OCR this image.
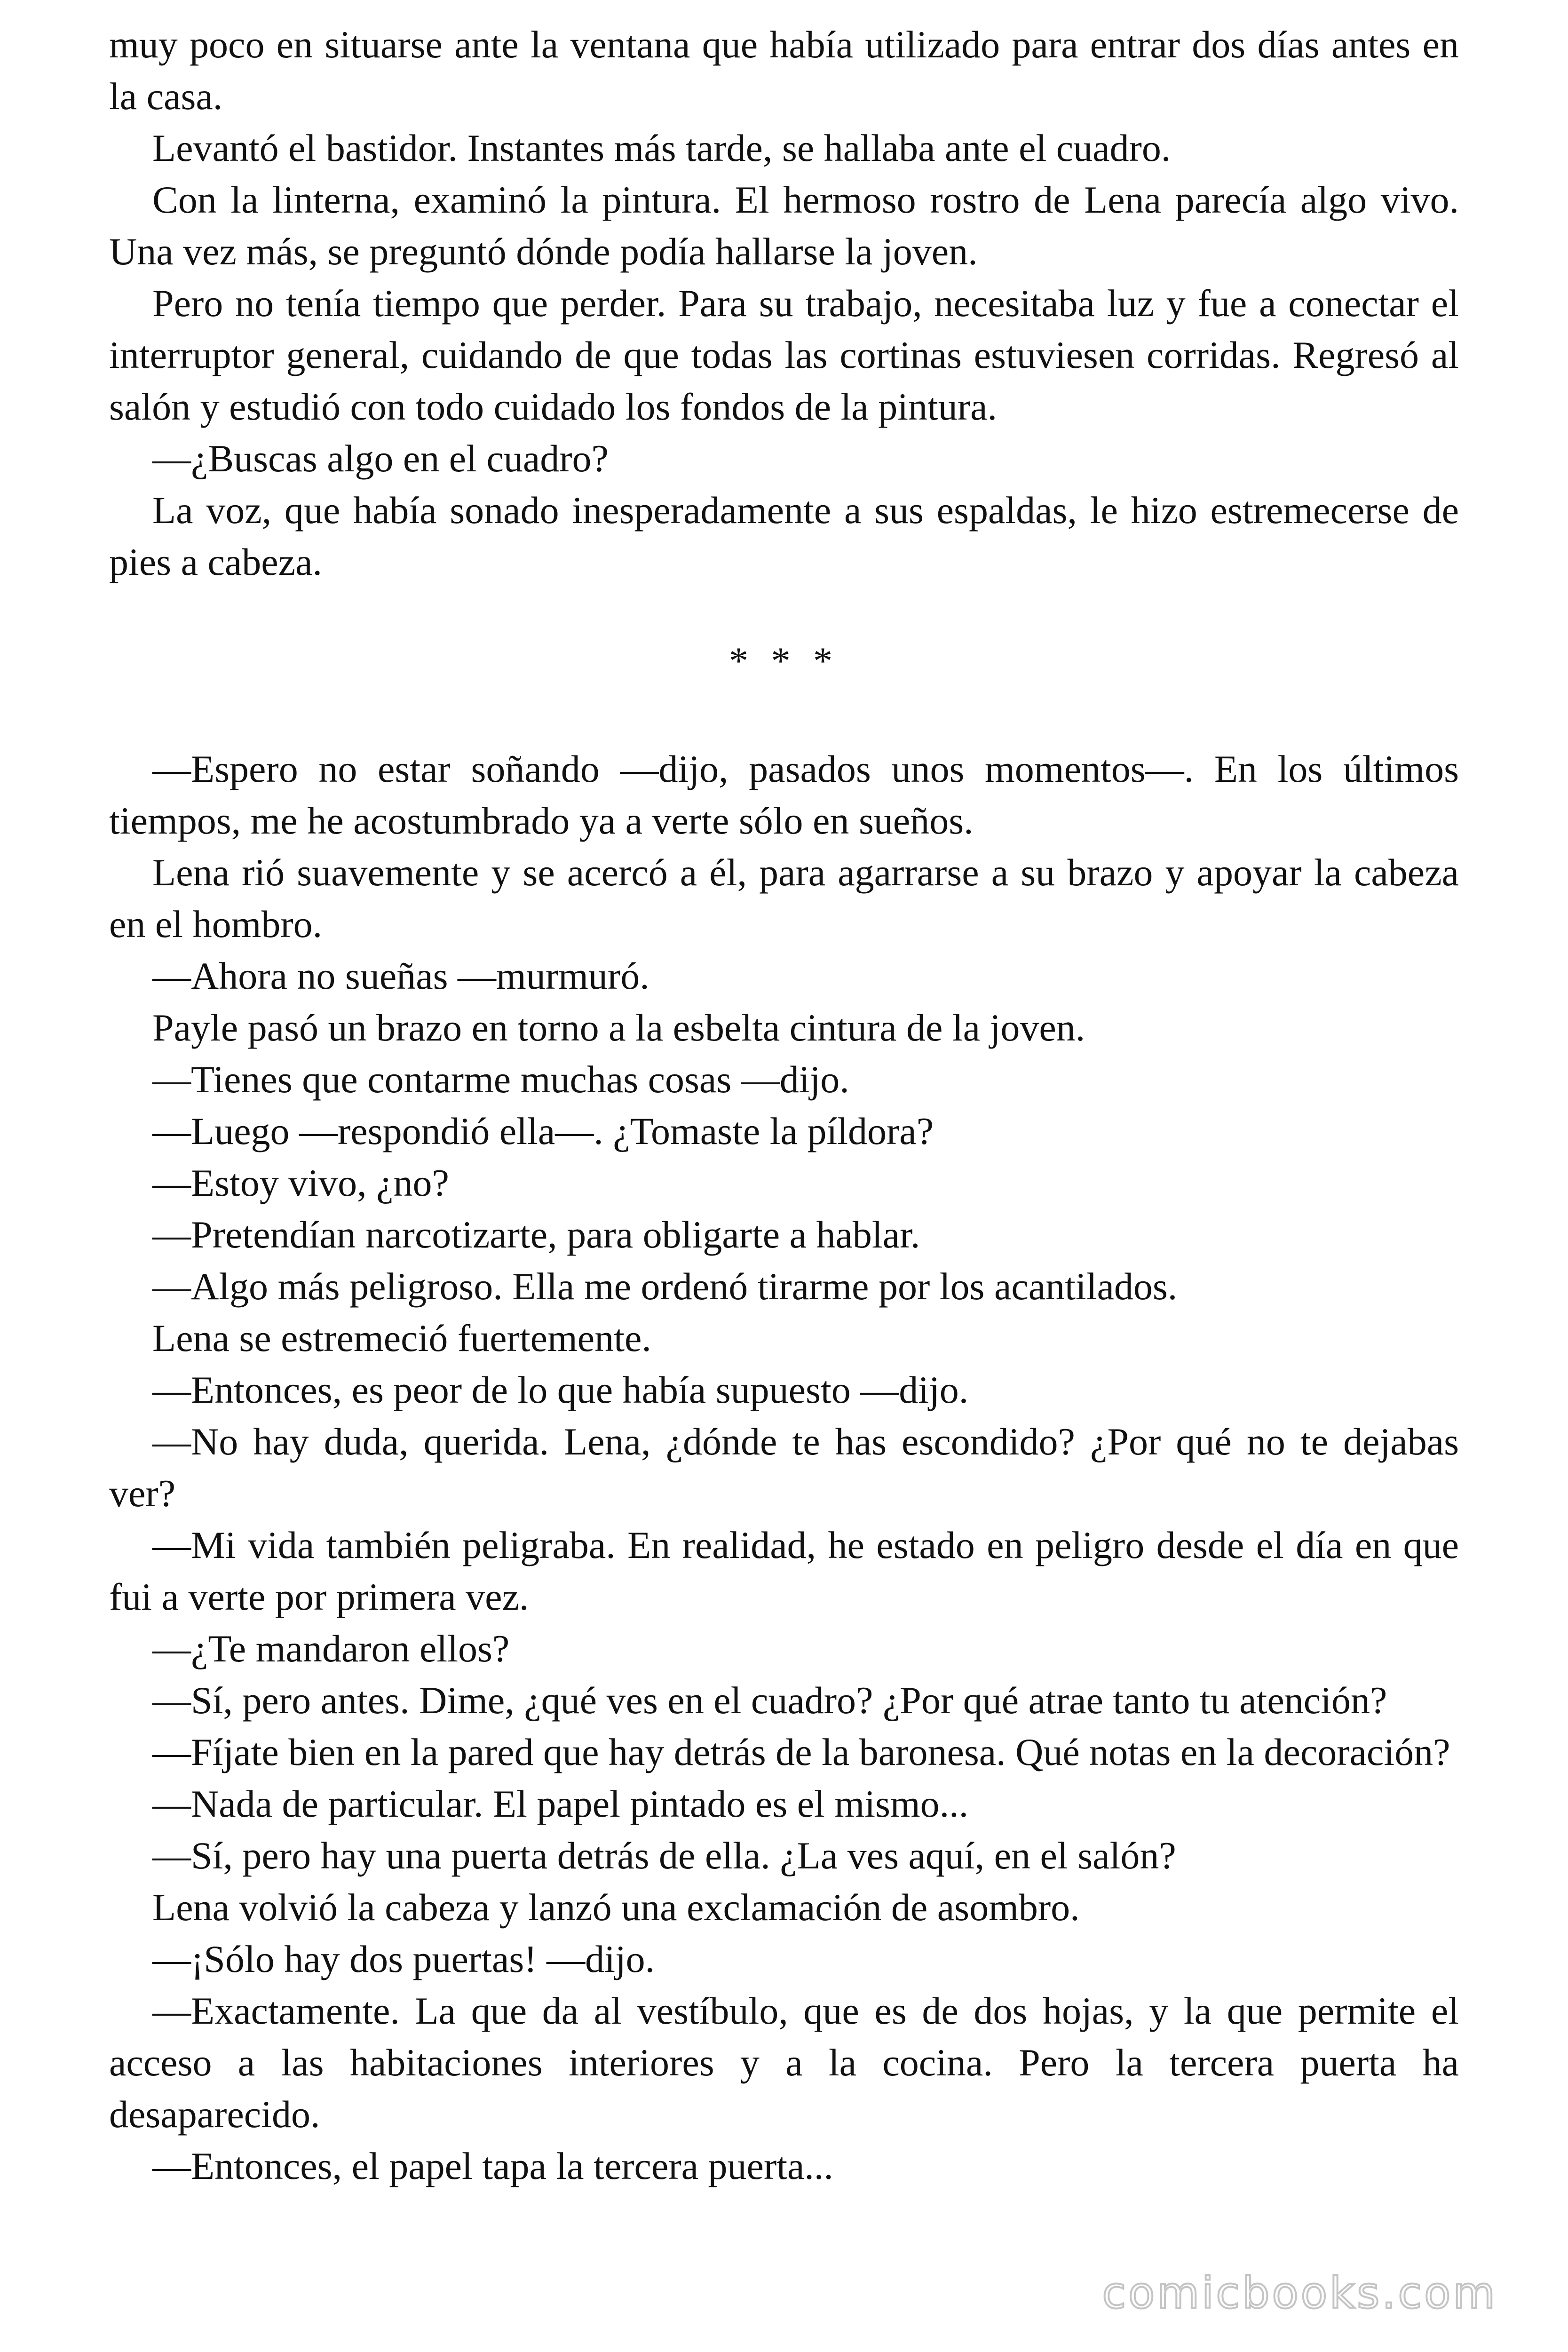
muy poco en situarse ante la ventana que había utilizado para entrar dos días antes en la casa.

Levantó el bastidor. Instantes más tarde, se hallaba ante el cuadro.

Con la linterna, examinó la pintura. El hermoso rostro de Lena parecía algo vivo. Una vez más, se preguntó dónde podía hallarse la joven.

Pero no tenía tiempo que perder. Para su trabajo, necesitaba luz y fue a conectar el interruptor general, cuidando de que todas las cortinas estuviesen corridas. Regresó al salón y estudió con todo cuidado los fondos de la pintura.

—¿Buscas algo en el cuadro?

La voz, que había sonado inesperadamente a sus espaldas, le hizo estremecerse de pies a cabeza.

* * *

—Espero no estar soñando —dijo, pasados unos momentos—. En los últimos tiempos, me he acostumbrado ya a verte sólo en sueños.

Lena rió suavemente y se acercó a él, para agarrarse a su brazo y apoyar la cabeza en el hombro.

—Ahora no sueñas —murmuró.

Payle pasó un brazo en torno a la esbelta cintura de la joven.

—Tienes que contarme muchas cosas —dijo.

—Luego —respondió ella—. ¿Tomaste la píldora?

—Estoy vivo, ¿no?

—Pretendían narcotizarte, para obligarte a hablar.

—Algo más peligroso. Ella me ordenó tirarme por los acantilados.

Lena se estremeció fuertemente.

—Entonces, es peor de lo que había supuesto —dijo.

—No hay duda, querida. Lena, ¿dónde te has escondido? ¿Por qué no te dejabas ver?

—Mi vida también peligraba. En realidad, he estado en peligro desde el día en que fui a verte por primera vez.

—¿Te mandaron ellos?

—Sí, pero antes. Dime, ¿qué ves en el cuadro? ¿Por qué atrae tanto tu atención?

—Fíjate bien en la pared que hay detrás de la baronesa. Qué notas en la decoración?

—Nada de particular. El papel pintado es el mismo...

—Sí, pero hay una puerta detrás de ella. ¿La ves aquí, en el salón?

Lena volvió la cabeza y lanzó una exclamación de asombro.

—¡Sólo hay dos puertas! —dijo.

—Exactamente. La que da al vestíbulo, que es de dos hojas, y la que permite el acceso a las habitaciones interiores y a la cocina. Pero la tercera puerta ha desaparecido.

—Entonces, el papel tapa la tercera puerta...

comicbooks.com
